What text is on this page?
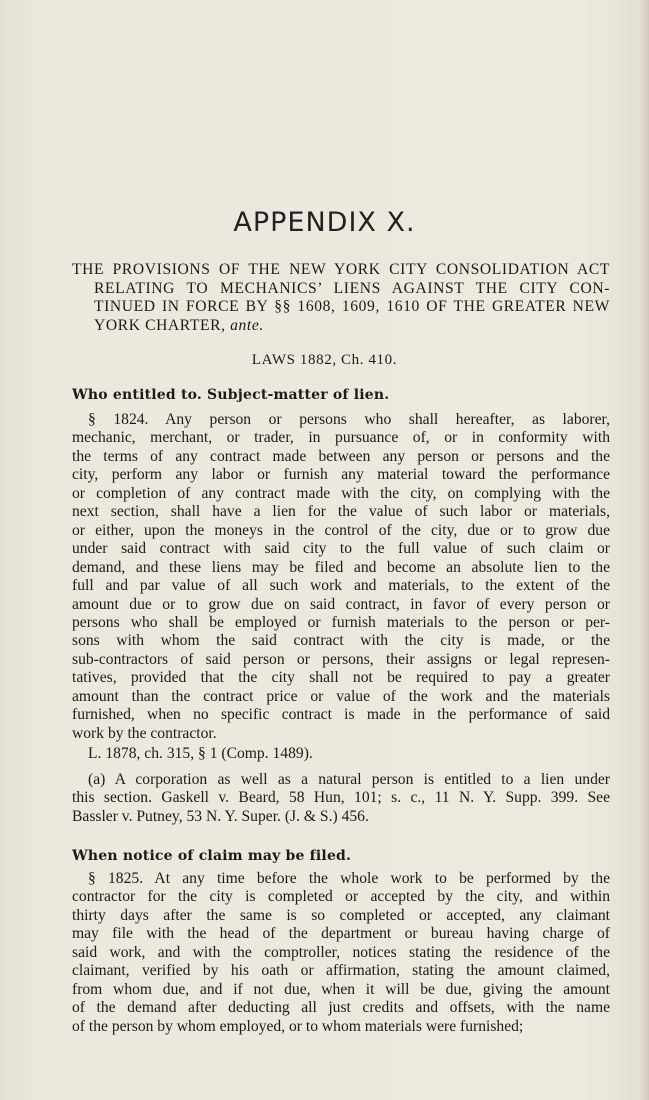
APPENDIX X.
THE PROVISIONS OF THE NEW YORK CITY CONSOLIDATION ACT
RELATING TO MECHANICS’ LIENS AGAINST THE CITY CON-
TINUED IN FORCE BY §§ 1608, 1609, 1610 OF THE GREATER NEW
YORK CHARTER, ante.
LAWS 1882, Ch. 410.
Who entitled to. Subject-matter of lien.
§ 1824. Any person or persons who shall hereafter, as laborer,
mechanic, merchant, or trader, in pursuance of, or in conformity with
the terms of any contract made between any person or persons and the
city, perform any labor or furnish any material toward the performance
or completion of any contract made with the city, on complying with the
next section, shall have a lien for the value of such labor or materials,
or either, upon the moneys in the control of the city, due or to grow due
under said contract with said city to the full value of such claim or
demand, and these liens may be filed and become an absolute lien to the
full and par value of all such work and materials, to the extent of the
amount due or to grow due on said contract, in favor of every person or
persons who shall be employed or furnish materials to the person or per-
sons with whom the said contract with the city is made, or the
sub-contractors of said person or persons, their assigns or legal represen-
tatives, provided that the city shall not be required to pay a greater
amount than the contract price or value of the work and the materials
furnished, when no specific contract is made in the performance of said
work by the contractor.
L. 1878, ch. 315, § 1 (Comp. 1489).
(a) A corporation as well as a natural person is entitled to a lien under
this section. Gaskell v. Beard, 58 Hun, 101; s. c., 11 N. Y. Supp. 399. See
Bassler v. Putney, 53 N. Y. Super. (J. & S.) 456.
When notice of claim may be filed.
§ 1825. At any time before the whole work to be performed by the
contractor for the city is completed or accepted by the city, and within
thirty days after the same is so completed or accepted, any claimant
may file with the head of the department or bureau having charge of
said work, and with the comptroller, notices stating the residence of the
claimant, verified by his oath or affirmation, stating the amount claimed,
from whom due, and if not due, when it will be due, giving the amount
of the demand after deducting all just credits and offsets, with the name
of the person by whom employed, or to whom materials were furnished;
